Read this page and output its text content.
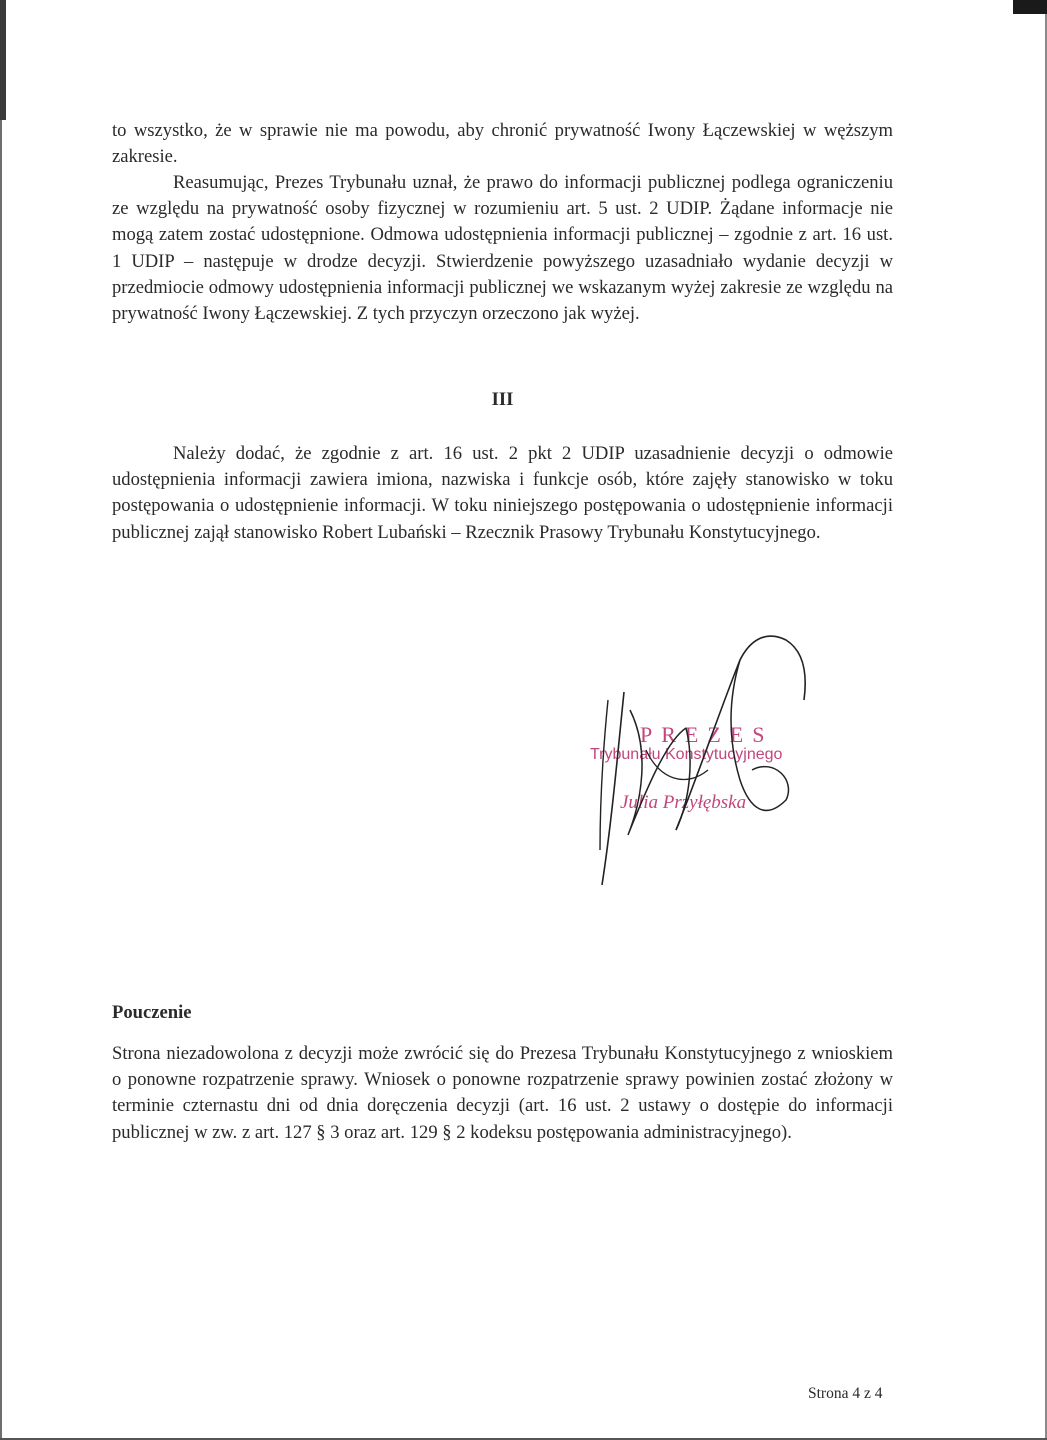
to wszystko, że w sprawie nie ma powodu, aby chronić prywatność Iwony Łączewskiej w węższym zakresie.

Reasumując, Prezes Trybunału uznał, że prawo do informacji publicznej podlega ograniczeniu ze względu na prywatność osoby fizycznej w rozumieniu art. 5 ust. 2 UDIP. Żądane informacje nie mogą zatem zostać udostępnione. Odmowa udostępnienia informacji publicznej – zgodnie z art. 16 ust. 1 UDIP – następuje w drodze decyzji. Stwierdzenie powyższego uzasadniało wydanie decyzji w przedmiocie odmowy udostępnienia informacji publicznej we wskazanym wyżej zakresie ze względu na prywatność Iwony Łączewskiej. Z tych przyczyn orzeczono jak wyżej.

III

Należy dodać, że zgodnie z art. 16 ust. 2 pkt 2 UDIP uzasadnienie decyzji o odmowie udostępnienia informacji zawiera imiona, nazwiska i funkcje osób, które zajęły stanowisko w toku postępowania o udostępnienie informacji. W toku niniejszego postępowania o udostępnienie informacji publicznej zajął stanowisko Robert Lubański – Rzecznik Prasowy Trybunału Konstytucyjnego.

PREZES
Trybunału Konstytucyjnego
Julia Przyłębska

Pouczenie

Strona niezadowolona z decyzji może zwrócić się do Prezesa Trybunału Konstytucyjnego z wnioskiem o ponowne rozpatrzenie sprawy. Wniosek o ponowne rozpatrzenie sprawy powinien zostać złożony w terminie czternastu dni od dnia doręczenia decyzji (art. 16 ust. 2 ustawy o dostępie do informacji publicznej w zw. z art. 127 § 3 oraz art. 129 § 2 kodeksu postępowania administracyjnego).

Strona 4 z 4
